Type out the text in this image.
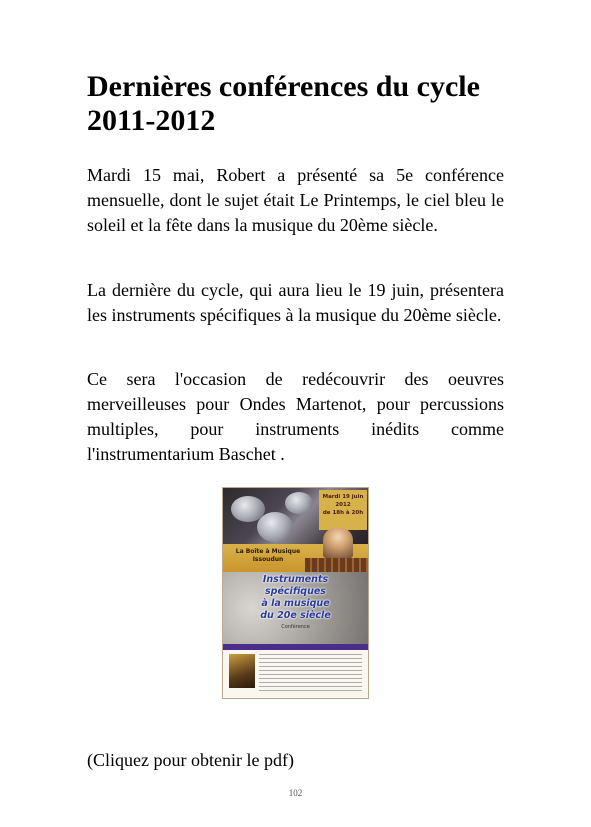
Dernières conférences du cycle 2011-2012

Mardi 15 mai, Robert a présenté sa 5e conférence mensuelle, dont le sujet était Le Printemps, le ciel bleu le soleil et la fête dans la musique du 20ème siècle.

La dernière du cycle, qui aura lieu le 19 juin, présentera les instruments spécifiques à la musique du 20ème siècle.

Ce sera l'occasion de redécouvrir des oeuvres merveilleuses pour Ondes Martenot, pour percussions multiples, pour instruments inédits comme l'instrumentarium Baschet .

Mardi 19 juin
2012
de 18h à 20h
La Boîte à Musique
Issoudun
Instruments
spécifiques
à la musique
du 20e siècle
Conférence

(Cliquez pour obtenir le pdf)

102
